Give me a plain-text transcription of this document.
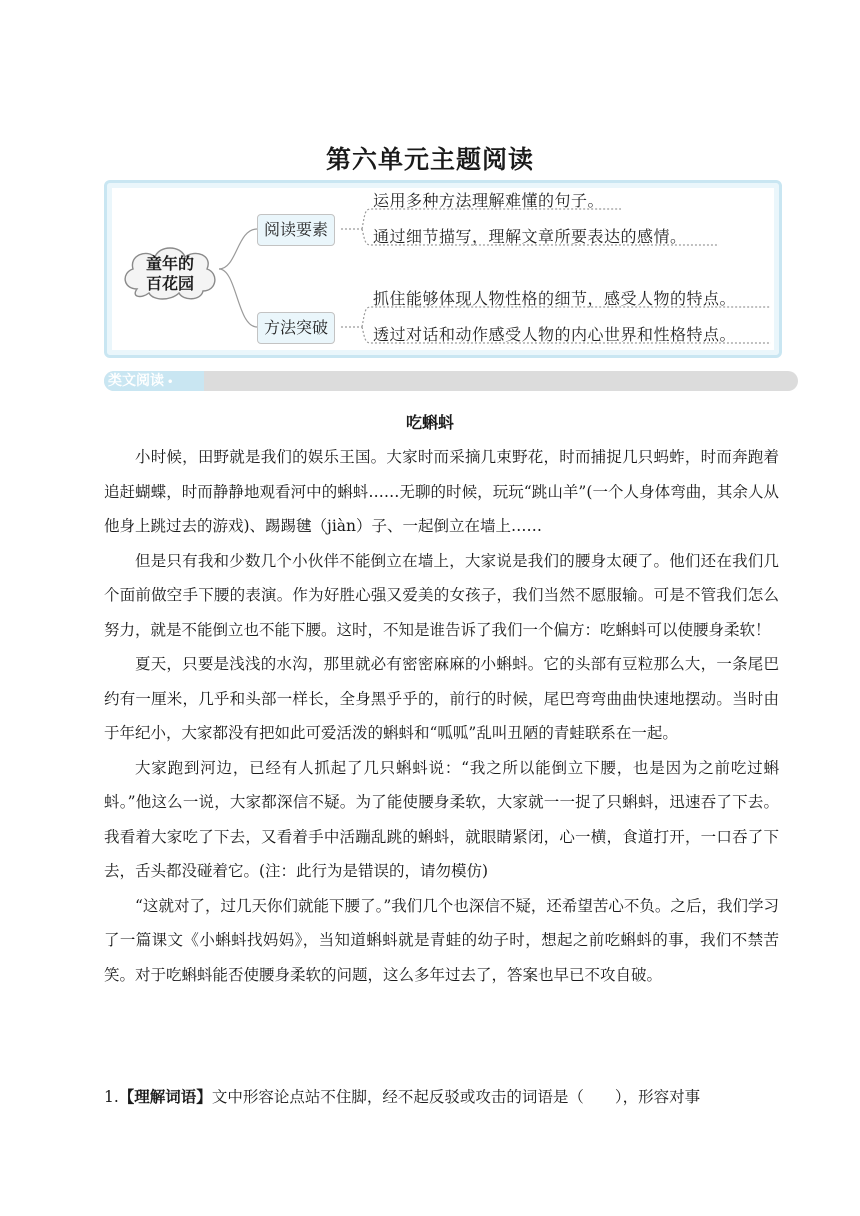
第六单元主题阅读
童年的
百花园
阅读要素
方法突破
运用多种方法理解难懂的句子。
通过细节描写，理解文章所要表达的感情。
抓住能够体现人物性格的细节，感受人物的特点。
透过对话和动作感受人物的内心世界和性格特点。
类文阅读 •
吃蝌蚪

小时候，田野就是我们的娱乐王国。大家时而采摘几束野花，时而捕捉几只蚂蚱，时而奔跑着追赶蝴蝶，时而静静地观看河中的蝌蚪……无聊的时候，玩玩“跳山羊”(一个人身体弯曲，其余人从他身上跳过去的游戏)、踢踢毽（jiàn）子、一起倒立在墙上……

但是只有我和少数几个小伙伴不能倒立在墙上，大家说是我们的腰身太硬了。他们还在我们几个面前做空手下腰的表演。作为好胜心强又爱美的女孩子，我们当然不愿服输。可是不管我们怎么努力，就是不能倒立也不能下腰。这时，不知是谁告诉了我们一个偏方：吃蝌蚪可以使腰身柔软！

夏天，只要是浅浅的水沟，那里就必有密密麻麻的小蝌蚪。它的头部有豆粒那么大，一条尾巴约有一厘米，几乎和头部一样长，全身黑乎乎的，前行的时候，尾巴弯弯曲曲快速地摆动。当时由于年纪小，大家都没有把如此可爱活泼的蝌蚪和“呱呱”乱叫丑陋的青蛙联系在一起。

大家跑到河边，已经有人抓起了几只蝌蚪说：“我之所以能倒立下腰，也是因为之前吃过蝌蚪。”他这么一说，大家都深信不疑。为了能使腰身柔软，大家就一一捉了只蝌蚪，迅速吞了下去。我看着大家吃了下去，又看着手中活蹦乱跳的蝌蚪，就眼睛紧闭，心一横，食道打开，一口吞了下去，舌头都没碰着它。(注：此行为是错误的，请勿模仿)

“这就对了，过几天你们就能下腰了。”我们几个也深信不疑，还希望苦心不负。之后，我们学习了一篇课文《小蝌蚪找妈妈》，当知道蝌蚪就是青蛙的幼子时，想起之前吃蝌蚪的事，我们不禁苦笑。对于吃蝌蚪能否使腰身柔软的问题，这么多年过去了，答案也早已不攻自破。

1.【理解词语】文中形容论点站不住脚，经不起反驳或攻击的词语是（　　），形容对事
